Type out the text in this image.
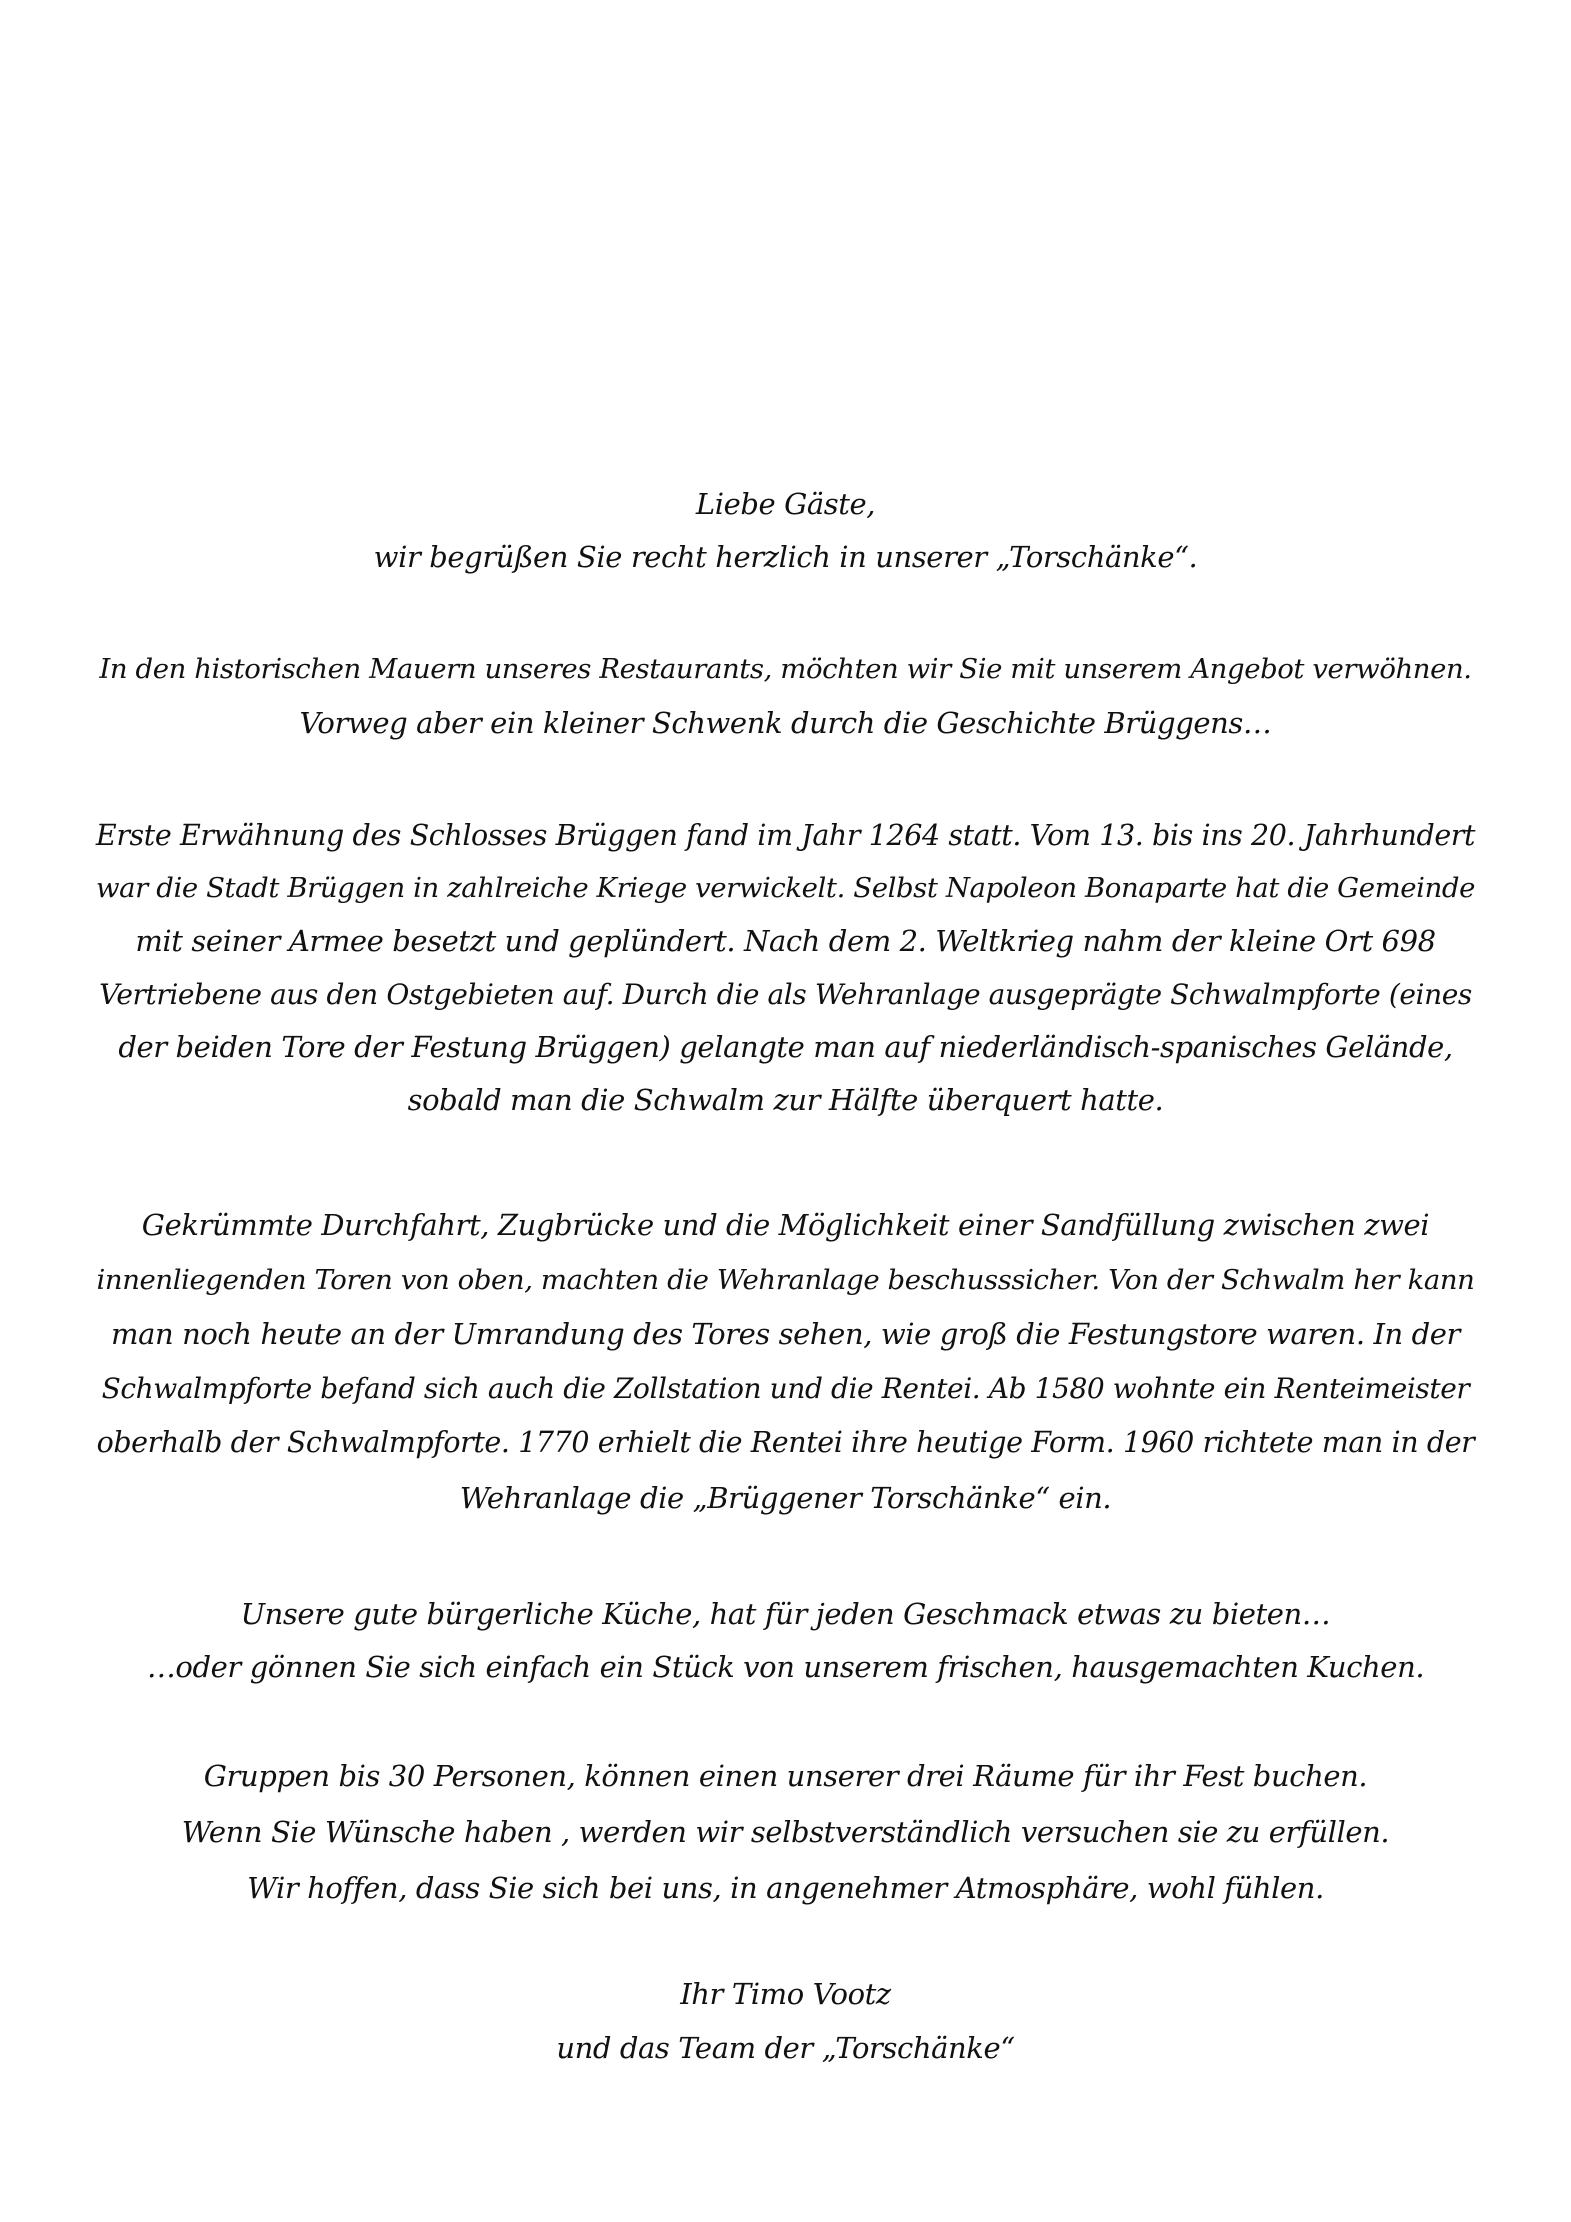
Liebe Gäste,
wir begrüßen Sie recht herzlich in unserer „Torschänke“.
In den historischen Mauern unseres Restaurants, möchten wir Sie mit unserem Angebot verwöhnen.
Vorweg aber ein kleiner Schwenk durch die Geschichte Brüggens…
Erste Erwähnung des Schlosses Brüggen fand im Jahr 1264 statt. Vom 13. bis ins 20. Jahrhundert
war die Stadt Brüggen in zahlreiche Kriege verwickelt. Selbst Napoleon Bonaparte hat die Gemeinde
mit seiner Armee besetzt und geplündert. Nach dem 2. Weltkrieg nahm der kleine Ort 698
Vertriebene aus den Ostgebieten auf. Durch die als Wehranlage ausgeprägte Schwalmpforte (eines
der beiden Tore der Festung Brüggen) gelangte man auf niederländisch-spanisches Gelände,
sobald man die Schwalm zur Hälfte überquert hatte.
Gekrümmte Durchfahrt, Zugbrücke und die Möglichkeit einer Sandfüllung zwischen zwei
innenliegenden Toren von oben, machten die Wehranlage beschusssicher. Von der Schwalm her kann
man noch heute an der Umrandung des Tores sehen, wie groß die Festungstore waren. In der
Schwalmpforte befand sich auch die Zollstation und die Rentei. Ab 1580 wohnte ein Renteimeister
oberhalb der Schwalmpforte. 1770 erhielt die Rentei ihre heutige Form. 1960 richtete man in der
Wehranlage die „Brüggener Torschänke“ ein.
Unsere gute bürgerliche Küche, hat für jeden Geschmack etwas zu bieten…
…oder gönnen Sie sich einfach ein Stück von unserem frischen, hausgemachten Kuchen.
Gruppen bis 30 Personen, können einen unserer drei Räume für ihr Fest buchen.
Wenn Sie Wünsche haben , werden wir selbstverständlich versuchen sie zu erfüllen.
Wir hoffen, dass Sie sich bei uns, in angenehmer Atmosphäre, wohl fühlen.
Ihr Timo Vootz
und das Team der „Torschänke“
